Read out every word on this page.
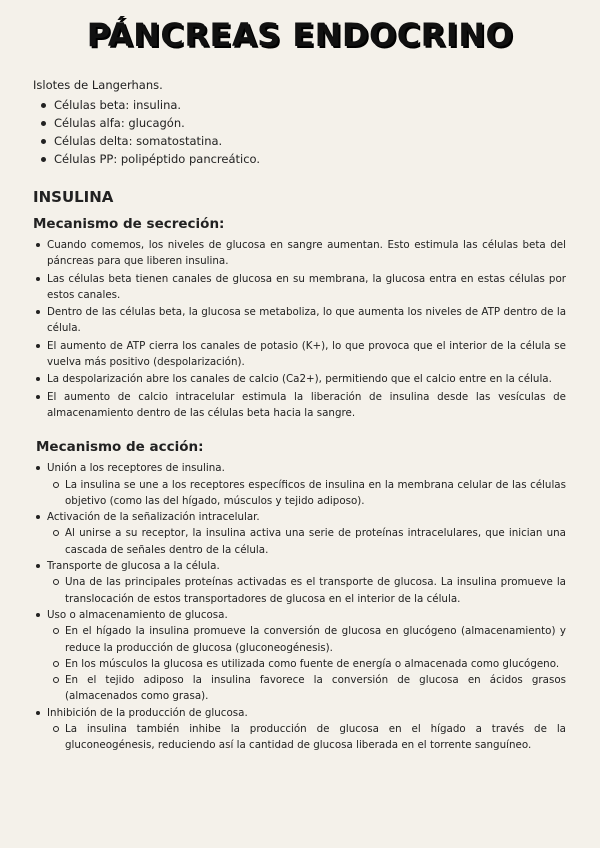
PÁNCREAS ENDOCRINO

Islotes de Langerhans.

Células beta: insulina.
Células alfa: glucagón.
Células delta: somatostatina.
Células PP: polipéptido pancreático.
INSULINA
Mecanismo de secreción:
Cuando comemos, los niveles de glucosa en sangre aumentan. Esto estimula las células beta del páncreas para que liberen insulina.
Las células beta tienen canales de glucosa en su membrana, la glucosa entra en estas células por estos canales.
Dentro de las células beta, la glucosa se metaboliza, lo que aumenta los niveles de ATP dentro de la célula.
El aumento de ATP cierra los canales de potasio (K+), lo que provoca que el interior de la célula se vuelva más positivo (despolarización).
La despolarización abre los canales de calcio (Ca2+), permitiendo que el calcio entre en la célula.
El aumento de calcio intracelular estimula la liberación de insulina desde las vesículas de almacenamiento dentro de las células beta hacia la sangre.
Mecanismo de acción:
Unión a los receptores de insulina.
La insulina se une a los receptores específicos de insulina en la membrana celular de las células objetivo (como las del hígado, músculos y tejido adiposo).
Activación de la señalización intracelular.
Al unirse a su receptor, la insulina activa una serie de proteínas intracelulares, que inician una cascada de señales dentro de la célula.
Transporte de glucosa a la célula.
Una de las principales proteínas activadas es el transporte de glucosa. La insulina promueve la translocación de estos transportadores de glucosa en el interior de la célula.
Uso o almacenamiento de glucosa.
En el hígado la insulina promueve la conversión de glucosa en glucógeno (almacenamiento) y reduce la producción de glucosa (gluconeogénesis).
En los músculos la glucosa es utilizada como fuente de energía o almacenada como glucógeno.
En el tejido adiposo la insulina favorece la conversión de glucosa en ácidos grasos (almacenados como grasa).
Inhibición de la producción de glucosa.
La insulina también inhibe la producción de glucosa en el hígado a través de la gluconeogénesis, reduciendo así la cantidad de glucosa liberada en el torrente sanguíneo.
